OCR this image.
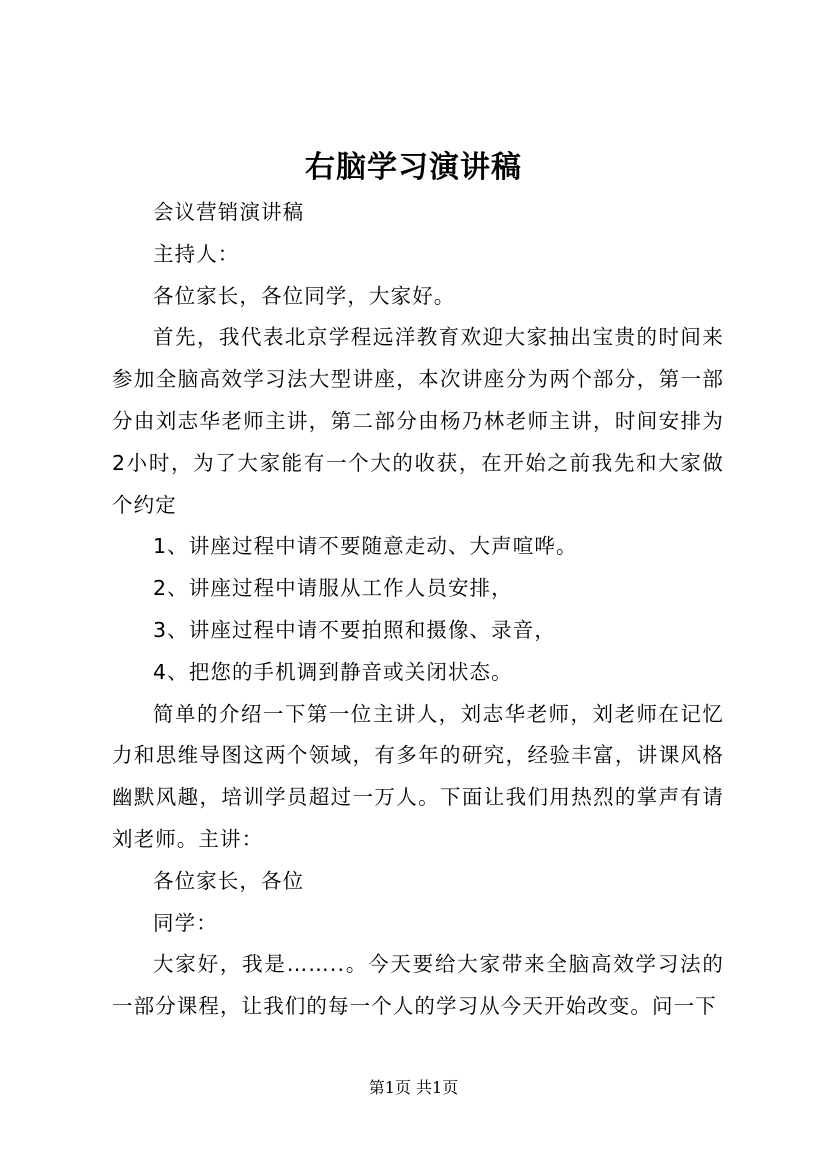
右脑学习演讲稿

会议营销演讲稿

主持人：

各位家长，各位同学，大家好。

首先，我代表北京学程远洋教育欢迎大家抽出宝贵的时间来参加全脑高效学习法大型讲座，本次讲座分为两个部分，第一部分由刘志华老师主讲，第二部分由杨乃林老师主讲，时间安排为2小时，为了大家能有一个大的收获，在开始之前我先和大家做个约定

1、讲座过程中请不要随意走动、大声喧哗。

2、讲座过程中请服从工作人员安排，

3、讲座过程中请不要拍照和摄像、录音，

4、把您的手机调到静音或关闭状态。

简单的介绍一下第一位主讲人，刘志华老师，刘老师在记忆力和思维导图这两个领域，有多年的研究，经验丰富，讲课风格幽默风趣，培训学员超过一万人。下面让我们用热烈的掌声有请刘老师。主讲：

各位家长，各位

同学：

大家好，我是……..。今天要给大家带来全脑高效学习法的一部分课程，让我们的每一个人的学习从今天开始改变。问一下

第1页 共1页
